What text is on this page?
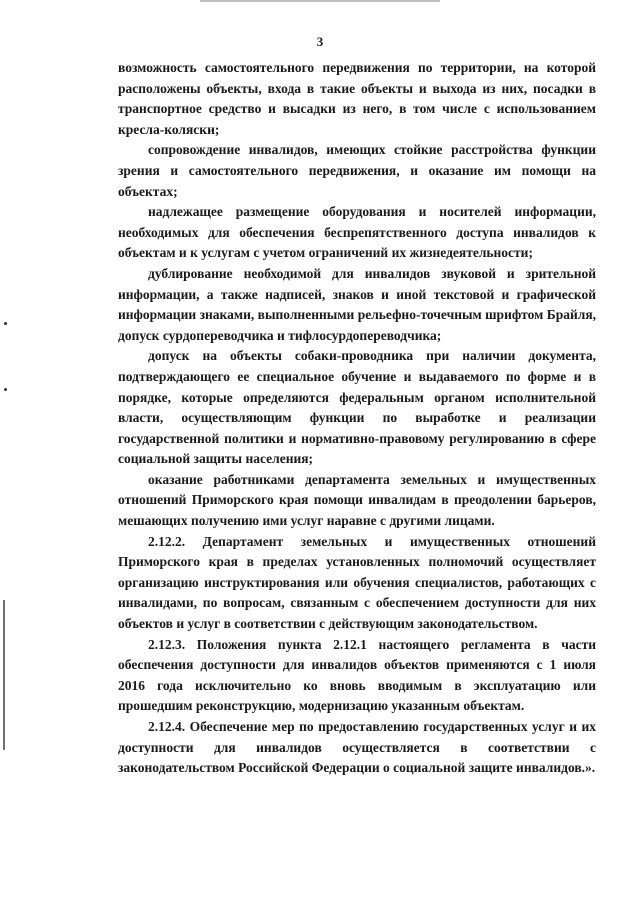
3

возможность самостоятельного передвижения по территории, на которой расположены объекты, входа в такие объекты и выхода из них, посадки в транспортное средство и высадки из него, в том числе с использованием кресла-коляски;

сопровождение инвалидов, имеющих стойкие расстройства функции зрения и самостоятельного передвижения, и оказание им помощи на объектах;

надлежащее размещение оборудования и носителей информации, необходимых для обеспечения беспрепятственного доступа инвалидов к объектам и к услугам с учетом ограничений их жизнедеятельности;

дублирование необходимой для инвалидов звуковой и зрительной информации, а также надписей, знаков и иной текстовой и графической информации знаками, выполненными рельефно-точечным шрифтом Брайля, допуск сурдопереводчика и тифлосурдопереводчика;

допуск на объекты собаки-проводника при наличии документа, подтверждающего ее специальное обучение и выдаваемого по форме и в порядке, которые определяются федеральным органом исполнительной власти, осуществляющим функции по выработке и реализации государственной политики и нормативно-правовому регулированию в сфере социальной защиты населения;

оказание работниками департамента земельных и имущественных отношений Приморского края помощи инвалидам в преодолении барьеров, мешающих получению ими услуг наравне с другими лицами.

2.12.2. Департамент земельных и имущественных отношений Приморского края в пределах установленных полномочий осуществляет организацию инструктирования или обучения специалистов, работающих с инвалидами, по вопросам, связанным с обеспечением доступности для них объектов и услуг в соответствии с действующим законодательством.

2.12.3. Положения пункта 2.12.1 настоящего регламента в части обеспечения доступности для инвалидов объектов применяются с 1 июля 2016 года исключительно ко вновь вводимым в эксплуатацию или прошедшим реконструкцию, модернизацию указанным объектам.

2.12.4. Обеспечение мер по предоставлению государственных услуг и их доступности для инвалидов осуществляется в соответствии с законодательством Российской Федерации о социальной защите инвалидов.».
